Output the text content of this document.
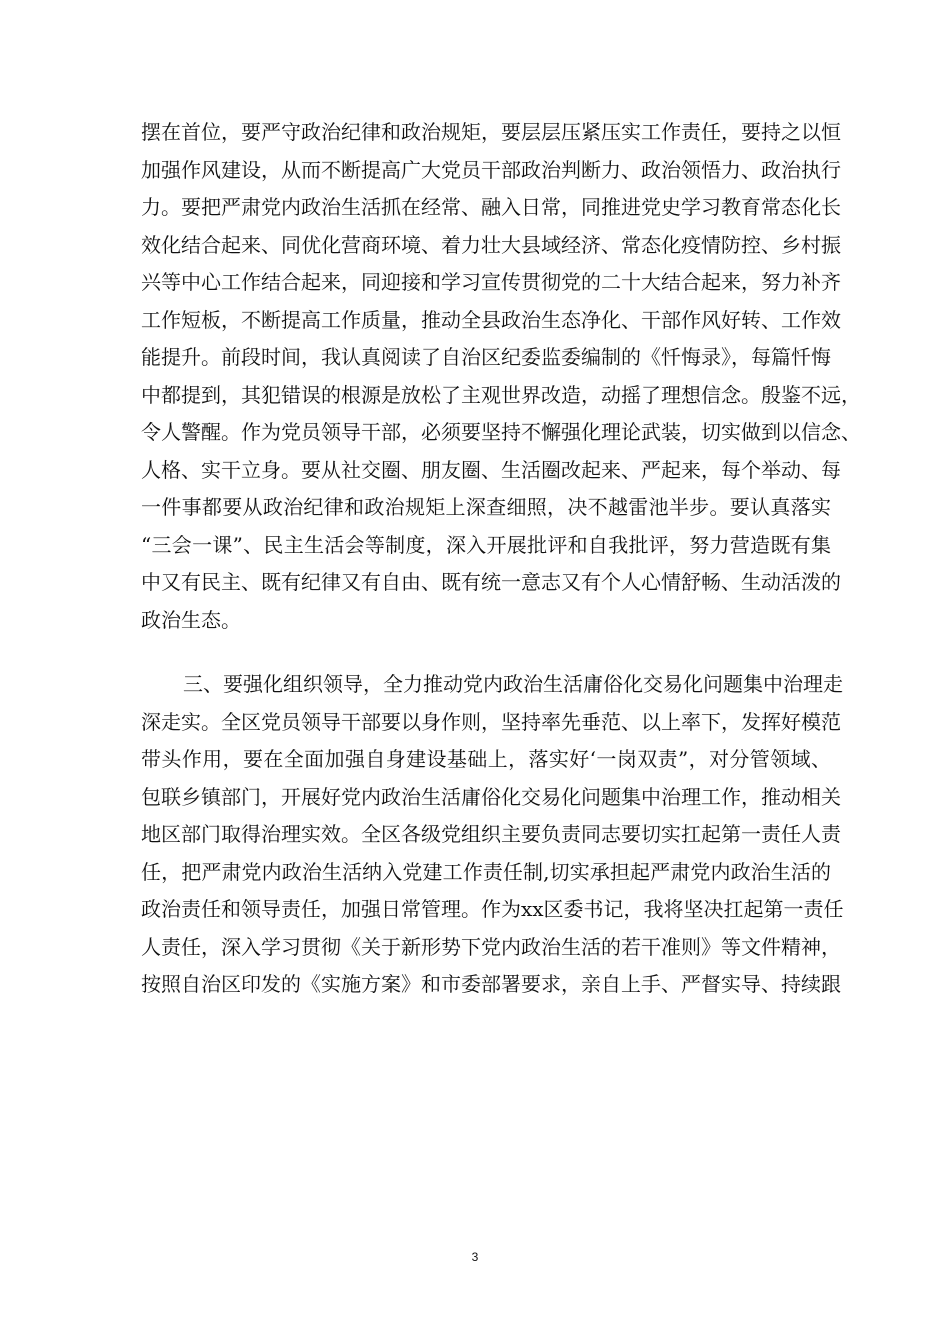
摆在首位，要严守政治纪律和政治规矩，要层层压紧压实工作责任，要持之以恒
加强作风建设，从而不断提高广大党员干部政治判断力、政治领悟力、政治执行
力。要把严肃党内政治生活抓在经常、融入日常，同推进党史学习教育常态化长
效化结合起来、同优化营商环境、着力壮大县域经济、常态化疫情防控、乡村振
兴等中心工作结合起来，同迎接和学习宣传贯彻党的二十大结合起来，努力补齐
工作短板，不断提高工作质量，推动全县政治生态净化、干部作风好转、工作效
能提升。前段时间，我认真阅读了自治区纪委监委编制的《忏悔录》，每篇忏悔
中都提到，其犯错误的根源是放松了主观世界改造，动摇了理想信念。殷鉴不远，
令人警醒。作为党员领导干部，必须要坚持不懈强化理论武装，切实做到以信念、
人格、实干立身。要从社交圈、朋友圈、生活圈改起来、严起来，每个举动、每
一件事都要从政治纪律和政治规矩上深查细照，决不越雷池半步。要认真落实
“三会一课”、民主生活会等制度，深入开展批评和自我批评，努力营造既有集
中又有民主、既有纪律又有自由、既有统一意志又有个人心情舒畅、生动活泼的
政治生态。
三、要强化组织领导，全力推动党内政治生活庸俗化交易化问题集中治理走
深走实。全区党员领导干部要以身作则，坚持率先垂范、以上率下，发挥好模范
带头作用，要在全面加强自身建设基础上，落实好‘一岗双责”，对分管领域、
包联乡镇部门，开展好党内政治生活庸俗化交易化问题集中治理工作，推动相关
地区部门取得治理实效。全区各级党组织主要负责同志要切实扛起第一责任人责
任，把严肃党内政治生活纳入党建工作责任制,切实承担起严肃党内政治生活的
政治责任和领导责任，加强日常管理。作为xx区委书记，我将坚决扛起第一责任
人责任，深入学习贯彻《关于新形势下党内政治生活的若干准则》等文件精神，
按照自治区印发的《实施方案》和市委部署要求，亲自上手、严督实导、持续跟
3
